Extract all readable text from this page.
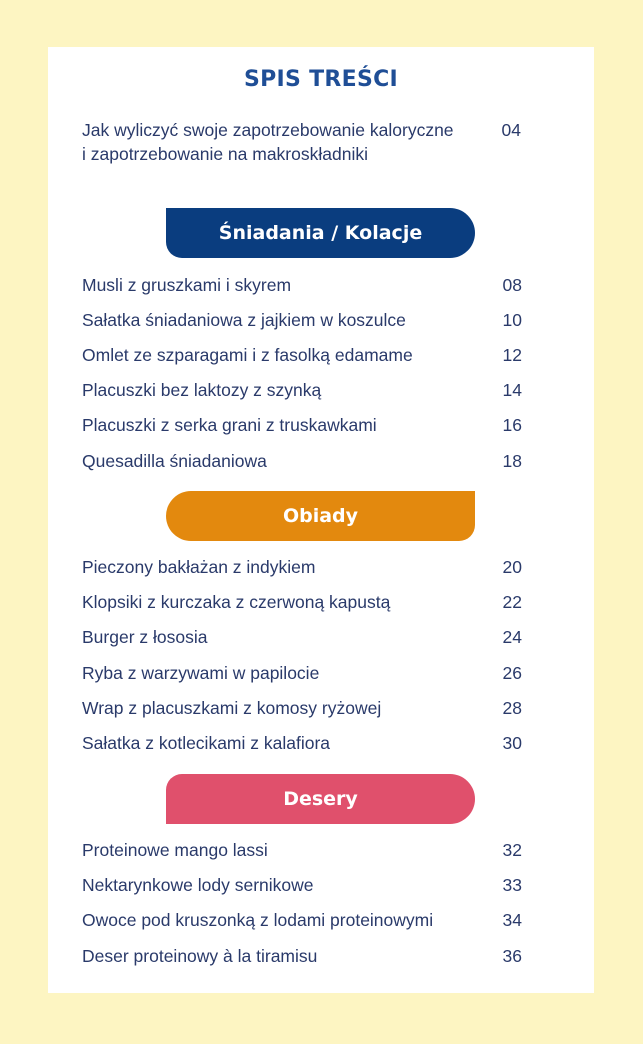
SPIS TREŚCI
Jak wyliczyć swoje zapotrzebowanie kaloryczne
i zapotrzebowanie na makroskładniki
04
Śniadania / Kolacje
Musli z gruszkami i skyrem	08
Sałatka śniadaniowa z jajkiem w koszulce	10
Omlet ze szparagami i z fasolką edamame	12
Placuszki bez laktozy z szynką	14
Placuszki z serka grani z truskawkami	16
Quesadilla śniadaniowa	18
Obiady
Pieczony bakłażan z indykiem	20
Klopsiki z kurczaka z czerwoną kapustą	22
Burger z łososia	24
Ryba z warzywami w papilocie	26
Wrap z placuszkami z komosy ryżowej	28
Sałatka z kotlecikami z kalafiora	30
Desery
Proteinowe mango lassi	32
Nektarynkowe lody sernikowe	33
Owoce pod kruszonką z lodami proteinowymi	34
Deser proteinowy à la tiramisu	36
